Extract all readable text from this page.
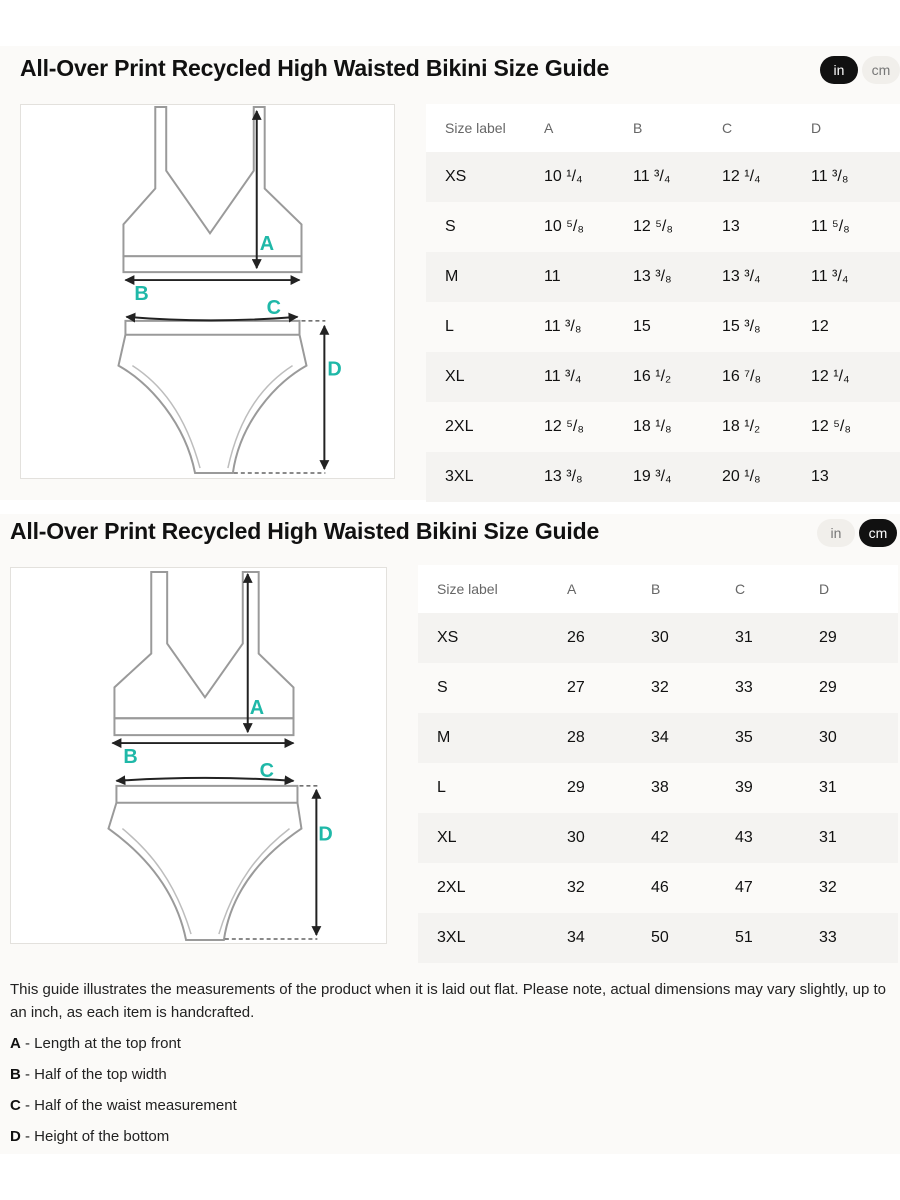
All-Over Print Recycled High Waisted Bikini Size Guide	in	cm
A
B
C
D
Size label	A	B	C	D
XS	10 ¹/₄	11 ³/₄	12 ¹/₄	11 ³/₈
S	10 ⁵/₈	12 ⁵/₈	13	11 ⁵/₈
M	11	13 ³/₈	13 ³/₄	11 ³/₄
L	11 ³/₈	15	15 ³/₈	12
XL	11 ³/₄	16 ¹/₂	16 ⁷/₈	12 ¹/₄
2XL	12 ⁵/₈	18 ¹/₈	18 ¹/₂	12 ⁵/₈
3XL	13 ³/₈	19 ³/₄	20 ¹/₈	13
All-Over Print Recycled High Waisted Bikini Size Guide	in	cm
A
B
C
D
Size label	A	B	C	D
XS	26	30	31	29
S	27	32	33	29
M	28	34	35	30
L	29	38	39	31
XL	30	42	43	31
2XL	32	46	47	32
3XL	34	50	51	33

This guide illustrates the measurements of the product when it is laid out flat. Please note, actual dimensions may vary slightly, up to an inch, as each item is handcrafted.

A - Length at the top front

B - Half of the top width

C - Half of the waist measurement

D - Height of the bottom
